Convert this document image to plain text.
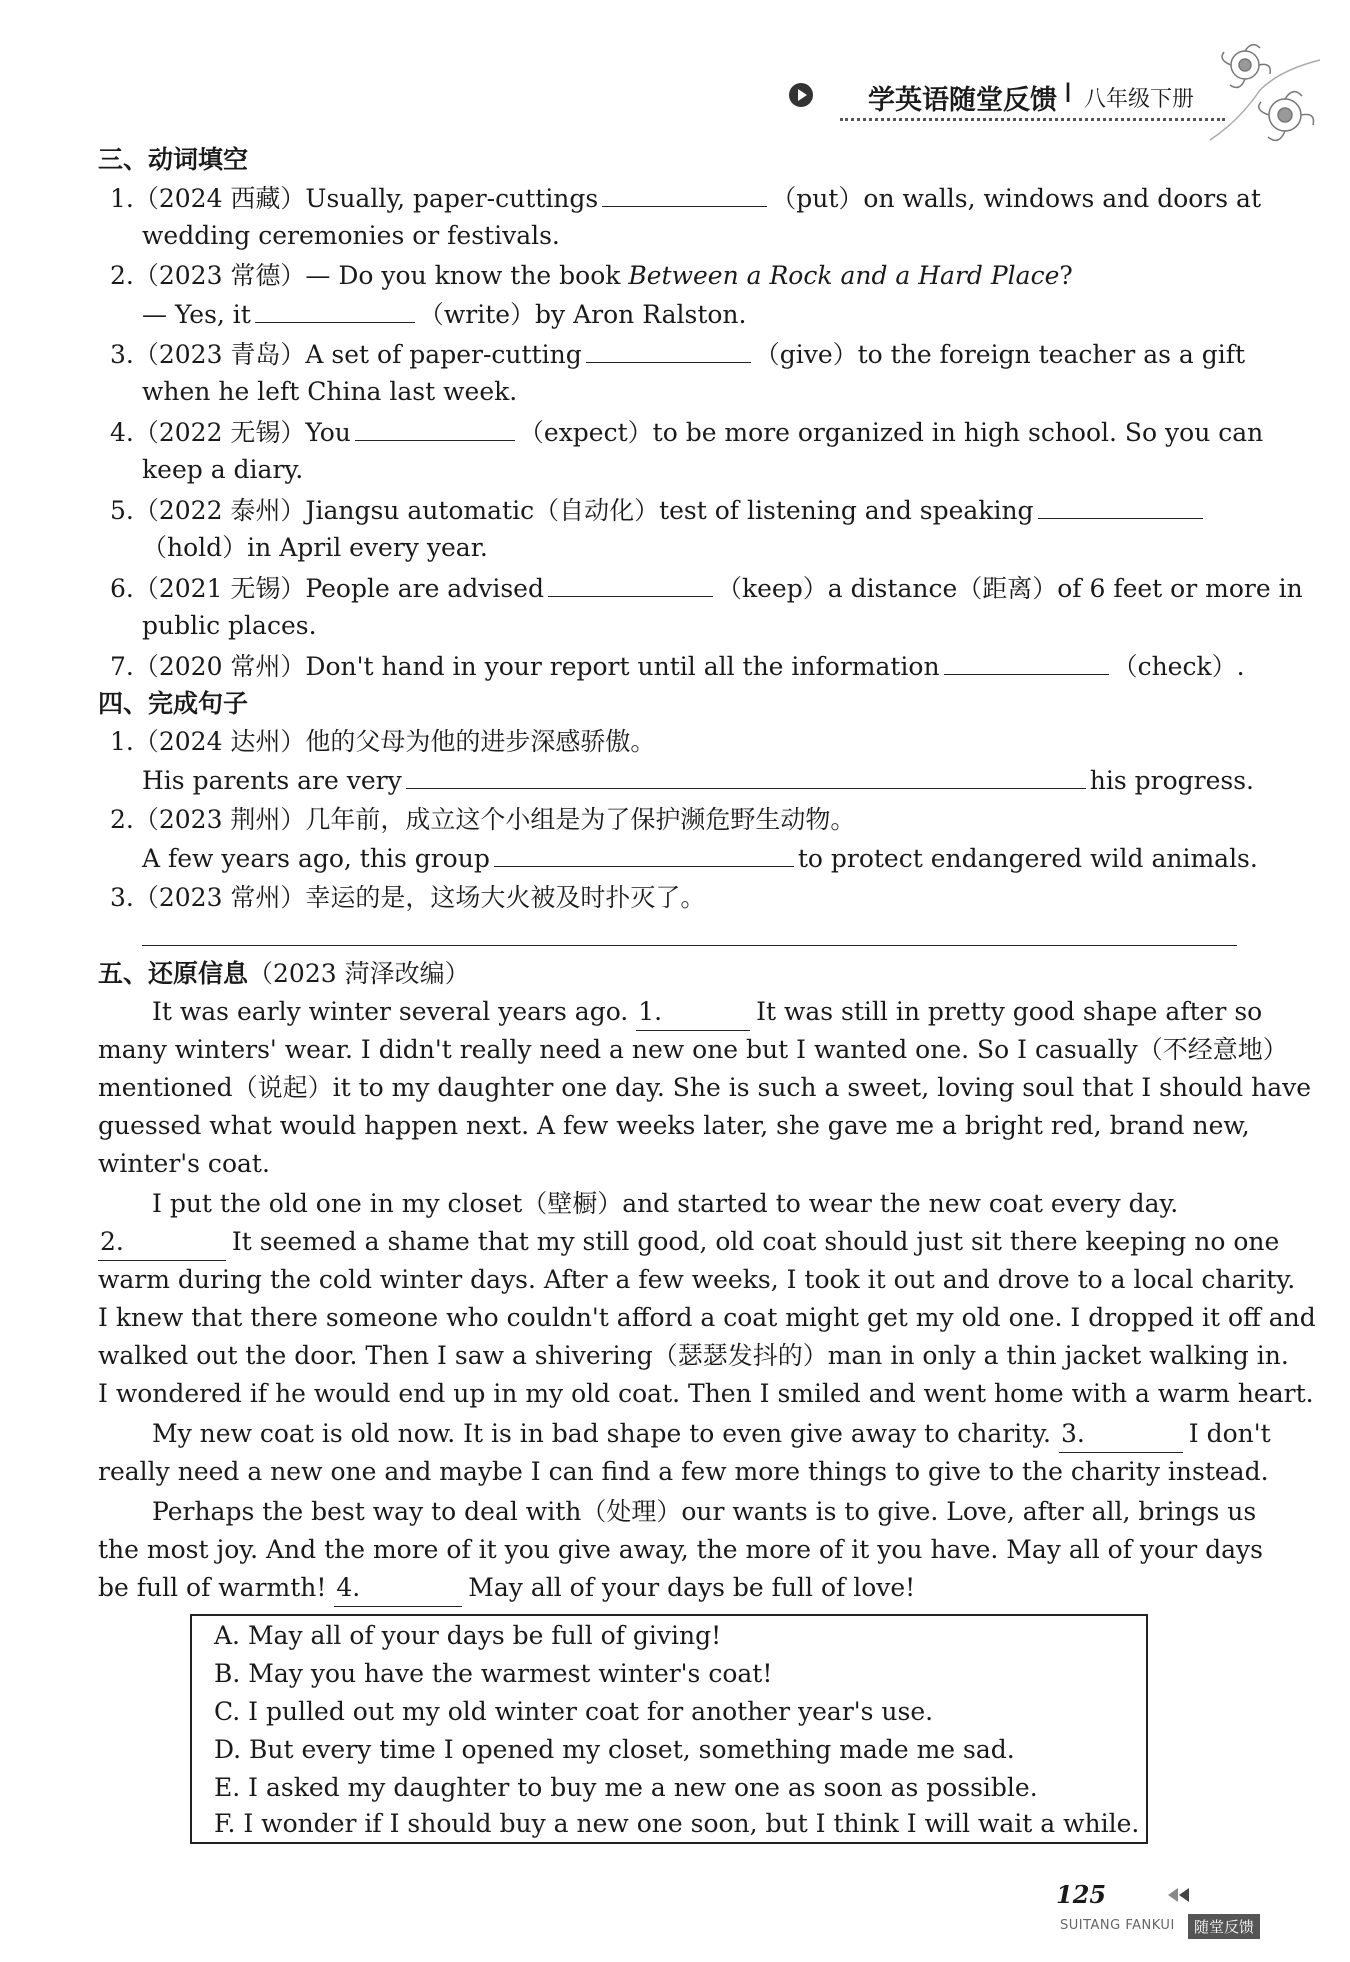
学英语随堂反馈 I 八年级下册
三、动词填空
1.（2024 西藏）Usually, paper-cuttings	（put）on walls, windows and doors at
wedding ceremonies or festivals.
2.（2023 常德）— Do you know the book Between a Rock and a Hard Place?
— Yes, it	（write）by Aron Ralston.
3.（2023 青岛）A set of paper-cutting	（give）to the foreign teacher as a gift
when he left China last week.
4.（2022 无锡）You	（expect）to be more organized in high school. So you can
keep a diary.
5.（2022 泰州）Jiangsu automatic（自动化）test of listening and speaking
（hold）in April every year.
6.（2021 无锡）People are advised	（keep）a distance（距离）of 6 feet or more in
public places.
7.（2020 常州）Don't hand in your report until all the information	（check）.
四、完成句子
1.（2024 达州）他的父母为他的进步深感骄傲。
His parents are very	his progress.
2.（2023 荆州）几年前，成立这个小组是为了保护濒危野生动物。
A few years ago, this group	to protect endangered wild animals.
3.（2023 常州）幸运的是，这场大火被及时扑灭了。
五、还原信息（2023 菏泽改编）
It was early winter several years ago. 1.	It was still in pretty good shape after so
many winters' wear. I didn't really need a new one but I wanted one. So I casually（不经意地）
mentioned（说起）it to my daughter one day. She is such a sweet, loving soul that I should have
guessed what would happen next. A few weeks later, she gave me a bright red, brand new,
winter's coat.
I put the old one in my closet（壁橱）and started to wear the new coat every day.
2.	It seemed a shame that my still good, old coat should just sit there keeping no one
warm during the cold winter days. After a few weeks, I took it out and drove to a local charity.
I knew that there someone who couldn't afford a coat might get my old one. I dropped it off and
walked out the door. Then I saw a shivering（瑟瑟发抖的）man in only a thin jacket walking in.
I wondered if he would end up in my old coat. Then I smiled and went home with a warm heart.
My new coat is old now. It is in bad shape to even give away to charity. 3.	I don't
really need a new one and maybe I can find a few more things to give to the charity instead.
Perhaps the best way to deal with（处理）our wants is to give. Love, after all, brings us
the most joy. And the more of it you give away, the more of it you have. May all of your days
be full of warmth! 4.	May all of your days be full of love!
A. May all of your days be full of giving!
B. May you have the warmest winter's coat!
C. I pulled out my old winter coat for another year's use.
D. But every time I opened my closet, something made me sad.
E. I asked my daughter to buy me a new one as soon as possible.
F. I wonder if I should buy a new one soon, but I think I will wait a while.
125
SUITANG FANKUI	随堂反馈
